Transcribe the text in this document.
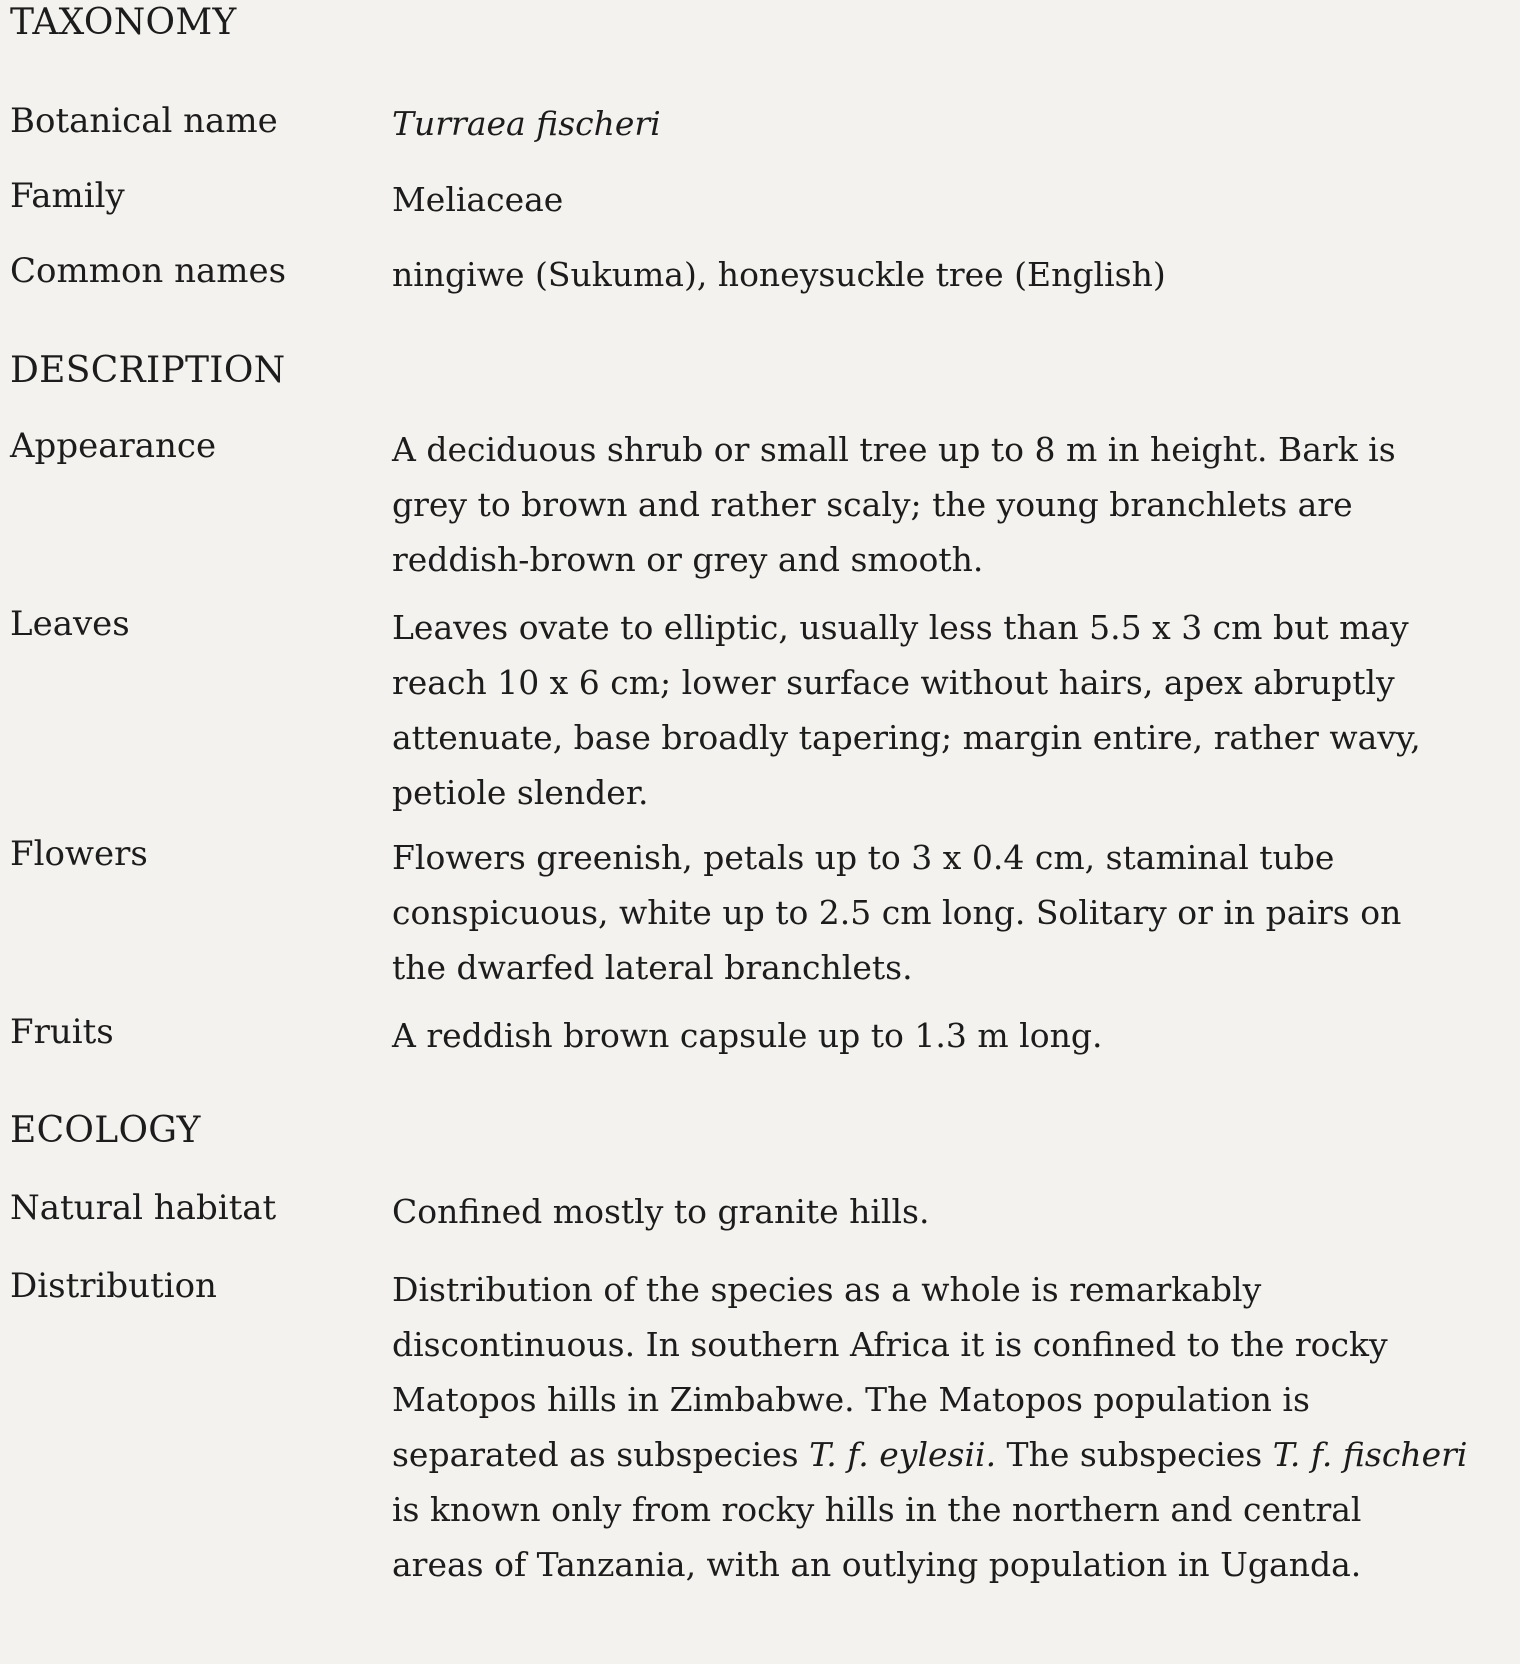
TAXONOMY
Botanical name	Turraea fischeri
Family	Meliaceae
Common names	ningiwe (Sukuma), honeysuckle tree (English)
DESCRIPTION
Appearance	A deciduous shrub or small tree up to 8 m in height. Bark is
grey to brown and rather scaly; the young branchlets are
reddish-brown or grey and smooth.
Leaves	Leaves ovate to elliptic, usually less than 5.5 x 3 cm but may
reach 10 x 6 cm; lower surface without hairs, apex abruptly
attenuate, base broadly tapering; margin entire, rather wavy,
petiole slender.
Flowers	Flowers greenish, petals up to 3 x 0.4 cm, staminal tube
conspicuous, white up to 2.5 cm long. Solitary or in pairs on
the dwarfed lateral branchlets.
Fruits	A reddish brown capsule up to 1.3 m long.
ECOLOGY
Natural habitat	Confined mostly to granite hills.
Distribution	Distribution of the species as a whole is remarkably
discontinuous. In southern Africa it is confined to the rocky
Matopos hills in Zimbabwe. The Matopos population is
separated as subspecies T. f. eylesii. The subspecies T. f. fischeri
is known only from rocky hills in the northern and central
areas of Tanzania, with an outlying population in Uganda.
